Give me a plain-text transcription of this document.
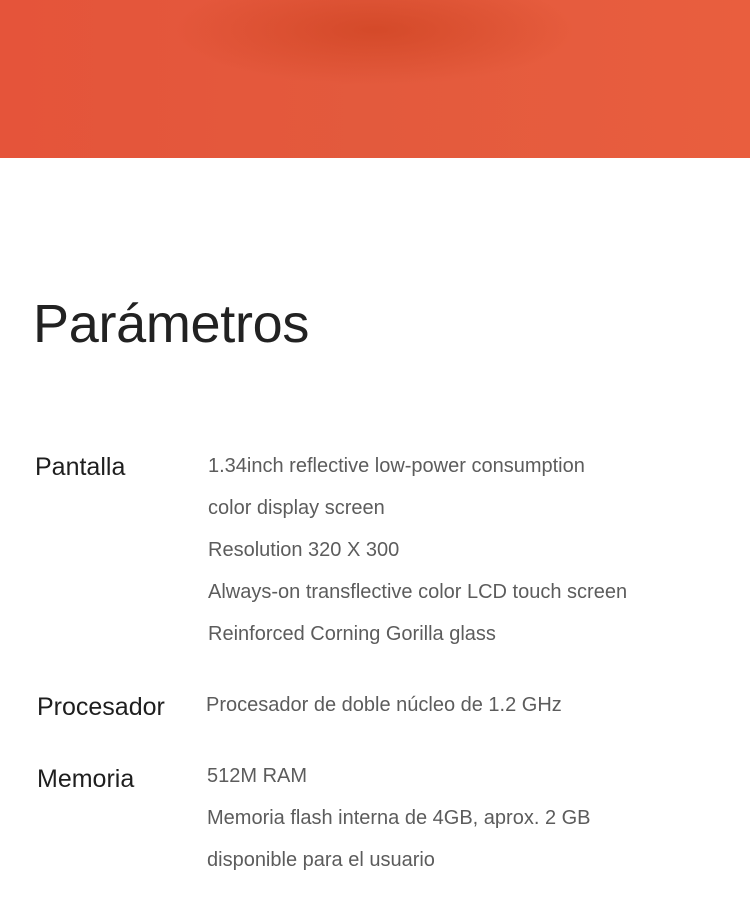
Parámetros
Pantalla	1.34inch reflective low-power consumption
color display screen
Resolution 320 X 300
Always-on transflective color LCD touch screen
Reinforced Corning Gorilla glass
Procesador Procesador de doble núcleo de 1.2 GHz
Memoria	512M RAM
Memoria flash interna de 4GB, aprox. 2 GB
disponible para el usuario
